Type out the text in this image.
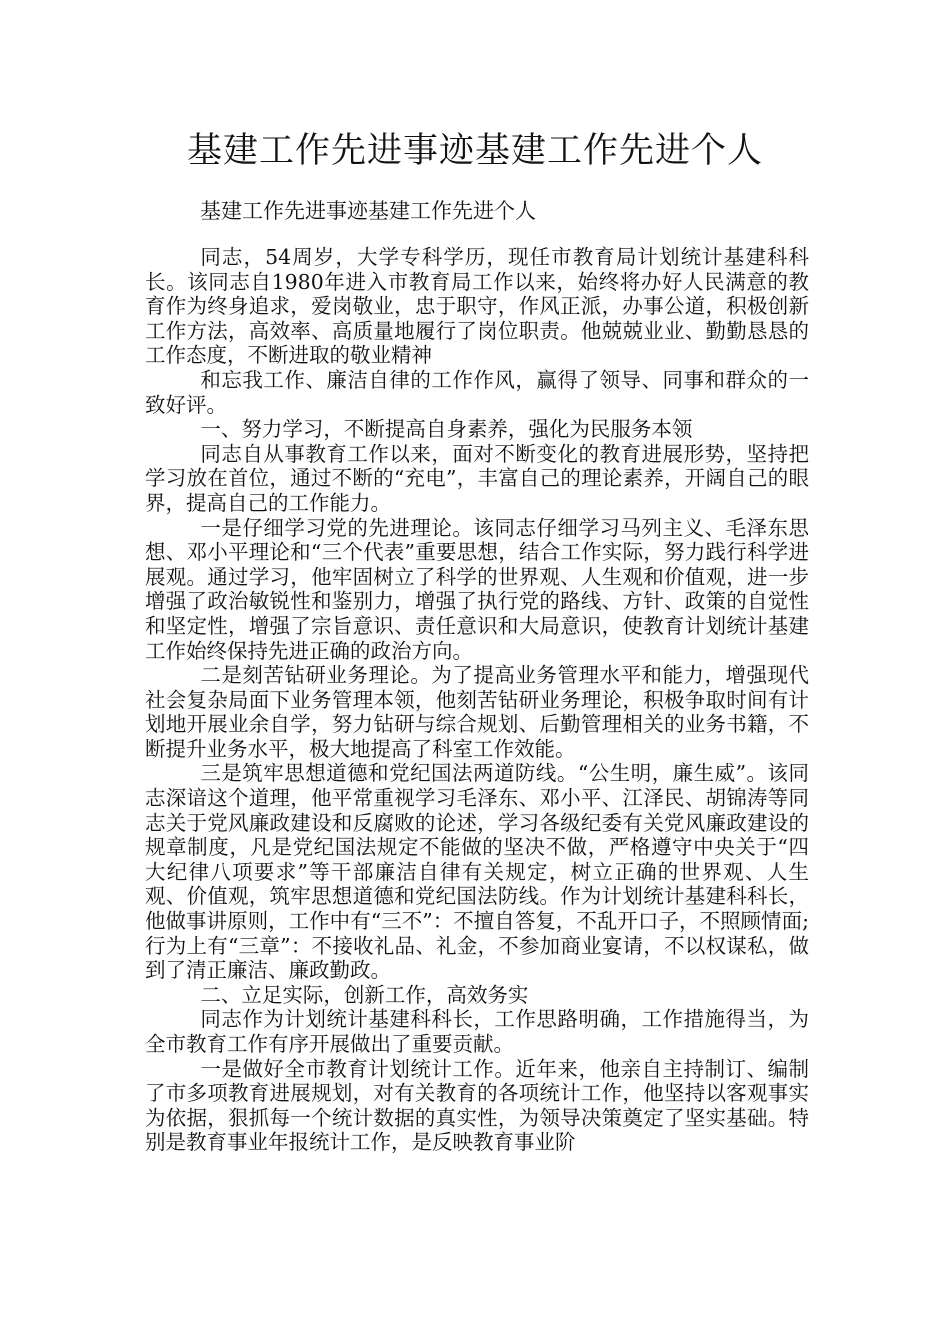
基建工作先进事迹基建工作先进个人
基建工作先进事迹基建工作先进个人

同志，54周岁，大学专科学历，现任市教育局计划统计基建科科长。该同志自1980年进入市教育局工作以来，始终将办好人民满意的教育作为终身追求，爱岗敬业，忠于职守，作风正派，办事公道，积极创新工作方法，高效率、高质量地履行了岗位职责。他兢兢业业、勤勤恳恳的工作态度，不断进取的敬业精神

和忘我工作、廉洁自律的工作作风，赢得了领导、同事和群众的一致好评。

一、努力学习，不断提高自身素养，强化为民服务本领

同志自从事教育工作以来，面对不断变化的教育进展形势，坚持把学习放在首位，通过不断的“充电”，丰富自己的理论素养，开阔自己的眼界，提高自己的工作能力。

一是仔细学习党的先进理论。该同志仔细学习马列主义、毛泽东思想、邓小平理论和“三个代表”重要思想，结合工作实际，努力践行科学进展观。通过学习，他牢固树立了科学的世界观、人生观和价值观，进一步增强了政治敏锐性和鉴别力，增强了执行党的路线、方针、政策的自觉性和坚定性，增强了宗旨意识、责任意识和大局意识，使教育计划统计基建工作始终保持先进正确的政治方向。

二是刻苦钻研业务理论。为了提高业务管理水平和能力，增强现代社会复杂局面下业务管理本领，他刻苦钻研业务理论，积极争取时间有计划地开展业余自学，努力钻研与综合规划、后勤管理相关的业务书籍，不断提升业务水平，极大地提高了科室工作效能。

三是筑牢思想道德和党纪国法两道防线。“公生明，廉生威”。该同志深谙这个道理，他平常重视学习毛泽东、邓小平、江泽民、胡锦涛等同志关于党风廉政建设和反腐败的论述，学习各级纪委有关党风廉政建设的规章制度，凡是党纪国法规定不能做的坚决不做，严格遵守中央关于“四大纪律八项要求”等干部廉洁自律有关规定，树立正确的世界观、人生观、价值观，筑牢思想道德和党纪国法防线。作为计划统计基建科科长，他做事讲原则，工作中有“三不”：不擅自答复，不乱开口子，不照顾情面;行为上有“三章”：不接收礼品、礼金，不参加商业宴请，不以权谋私，做到了清正廉洁、廉政勤政。

二、立足实际，创新工作，高效务实

同志作为计划统计基建科科长，工作思路明确，工作措施得当，为全市教育工作有序开展做出了重要贡献。

一是做好全市教育计划统计工作。近年来，他亲自主持制订、编制了市多项教育进展规划，对有关教育的各项统计工作，他坚持以客观事实为依据，狠抓每一个统计数据的真实性，为领导决策奠定了坚实基础。特别是教育事业年报统计工作，是反映教育事业阶
